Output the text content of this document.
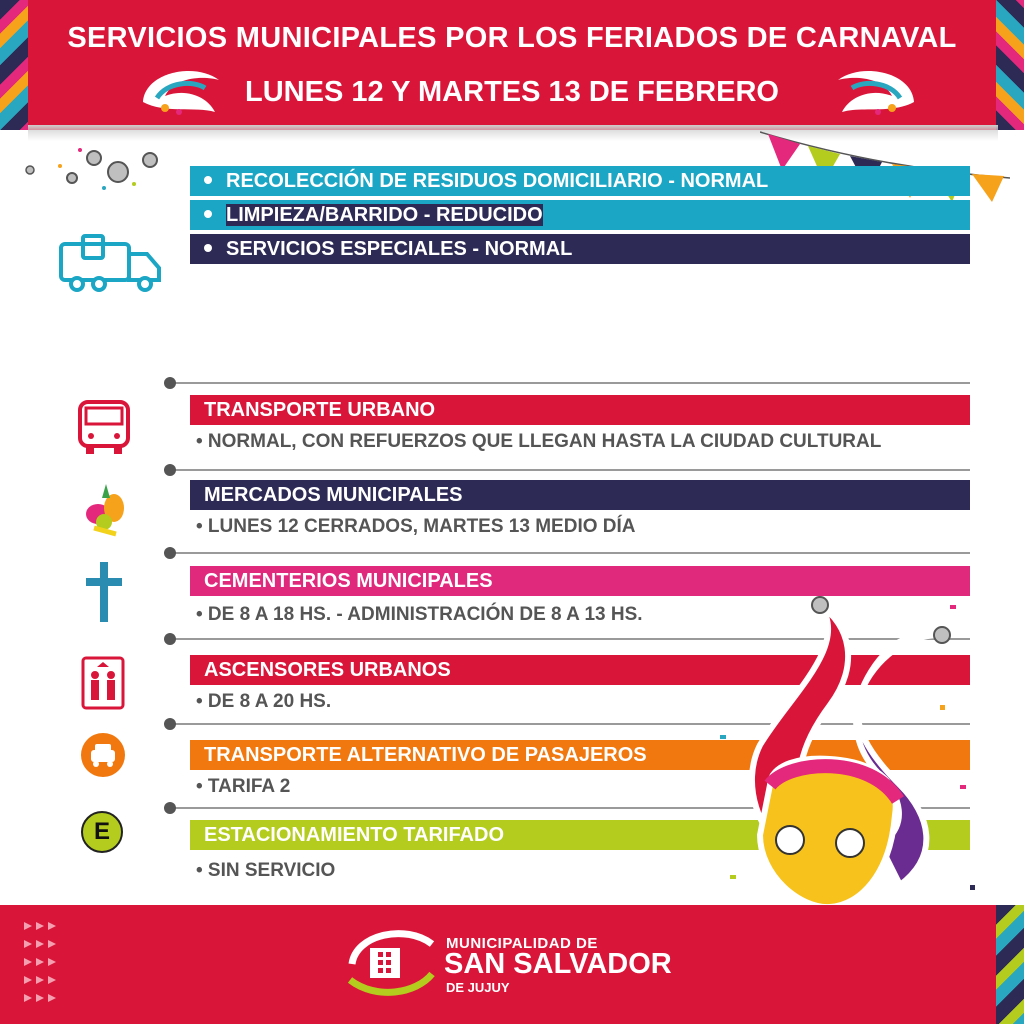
SERVICIOS MUNICIPALES POR LOS FERIADOS DE CARNAVAL
LUNES 12 Y MARTES 13 DE FEBRERO
RECOLECCIÓN DE RESIDUOS DOMICILIARIO - NORMAL
LIMPIEZA/BARRIDO - REDUCIDO
SERVICIOS ESPECIALES - NORMAL
LIMSA - NORMAL
BARRIDO Y SERVICIOS ESPECIALES - NORMAL
BARRIDO MECANICO - SIN SERVICIO
TRANSPORTE URBANO
• NORMAL, CON REFUERZOS QUE LLEGAN HASTA LA CIUDAD CULTURAL
MERCADOS MUNICIPALES
• LUNES 12 CERRADOS, MARTES 13 MEDIO DÍA
CEMENTERIOS MUNICIPALES
• DE 8 A 18 HS. - ADMINISTRACIÓN DE 8 A 13 HS.
ASCENSORES URBANOS
• DE 8 A 20 HS.
TRANSPORTE ALTERNATIVO DE PASAJEROS
• TARIFA 2
ESTACIONAMIENTO TARIFADO
• SIN SERVICIO
E
MUNICIPALIDAD DE
SAN SALVADOR
DE JUJUY
